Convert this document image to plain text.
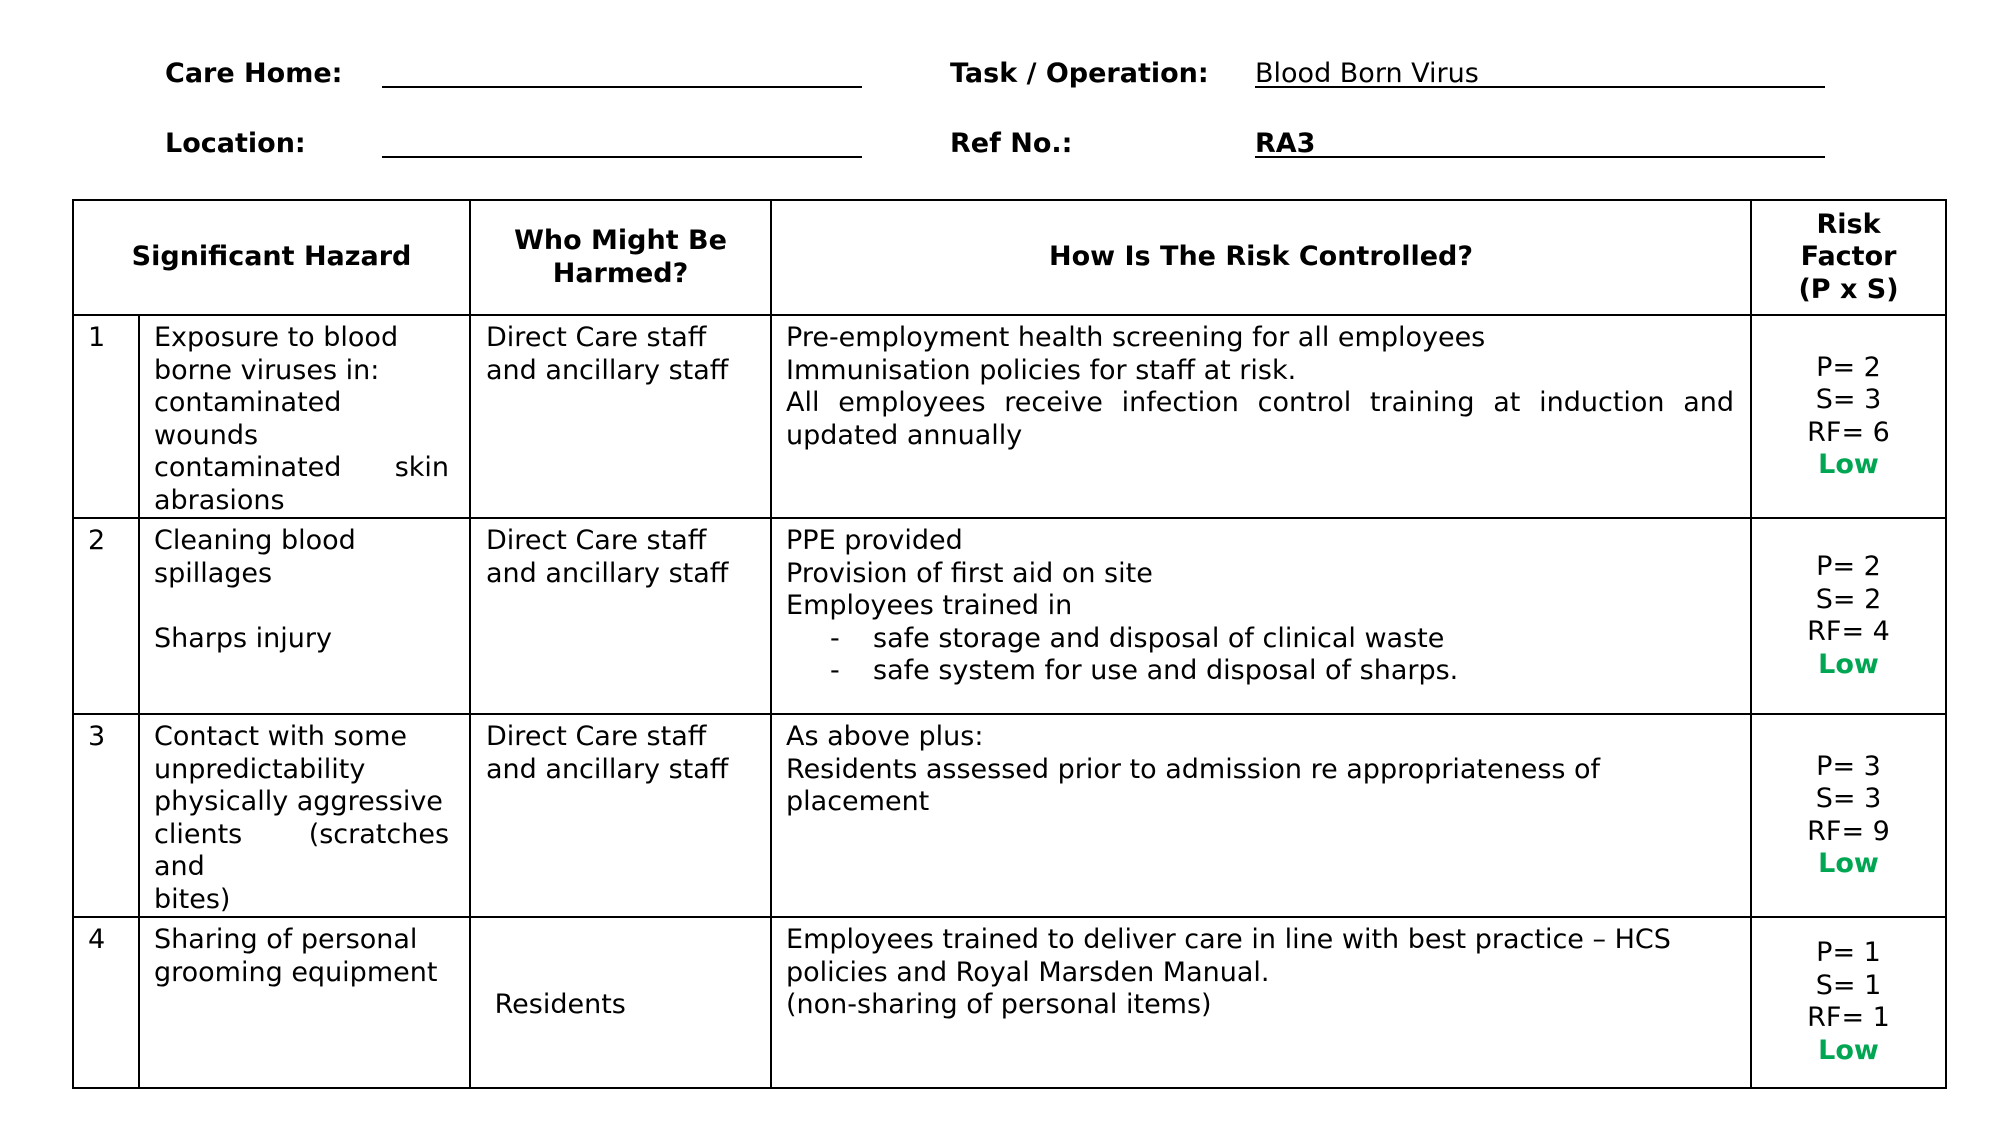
Care Home:
Location:
Task / Operation: Blood Born Virus
Ref No.:	RA3
Significant Hazard		Who Might Be
Harmed?	How Is The Risk Controlled?	Risk
Factor
(P x S)

1	Exposure to blood
borne viruses in:
contaminated wounds
contaminated skin
abrasions	Direct Care staff
and ancillary staff	Pre-employment health screening for all employees
Immunisation policies for staff at risk.
All employees receive infection control training at induction and updated annually	P= 2
S= 3
RF= 6
Low

2	Cleaning blood
spillages
Sharps injury	Direct Care staff
and ancillary staff	PPE provided
Provision of first aid on site
Employees trained in
- safe storage and disposal of clinical waste
- safe system for use and disposal of sharps.	P= 2
S= 2
RF= 4
Low

3	Contact with some
unpredictability
physically aggressive
clients (scratches and
bites)	Direct Care staff
and ancillary staff	As above plus:
Residents assessed prior to admission re appropriateness of
placement	P= 3
S= 3
RF= 9
Low

4	Sharing of personal
grooming equipment	Residents	Employees trained to deliver care in line with best practice – HCS
policies and Royal Marsden Manual.
(non-sharing of personal items)	P= 1
S= 1
RF= 1
Low
